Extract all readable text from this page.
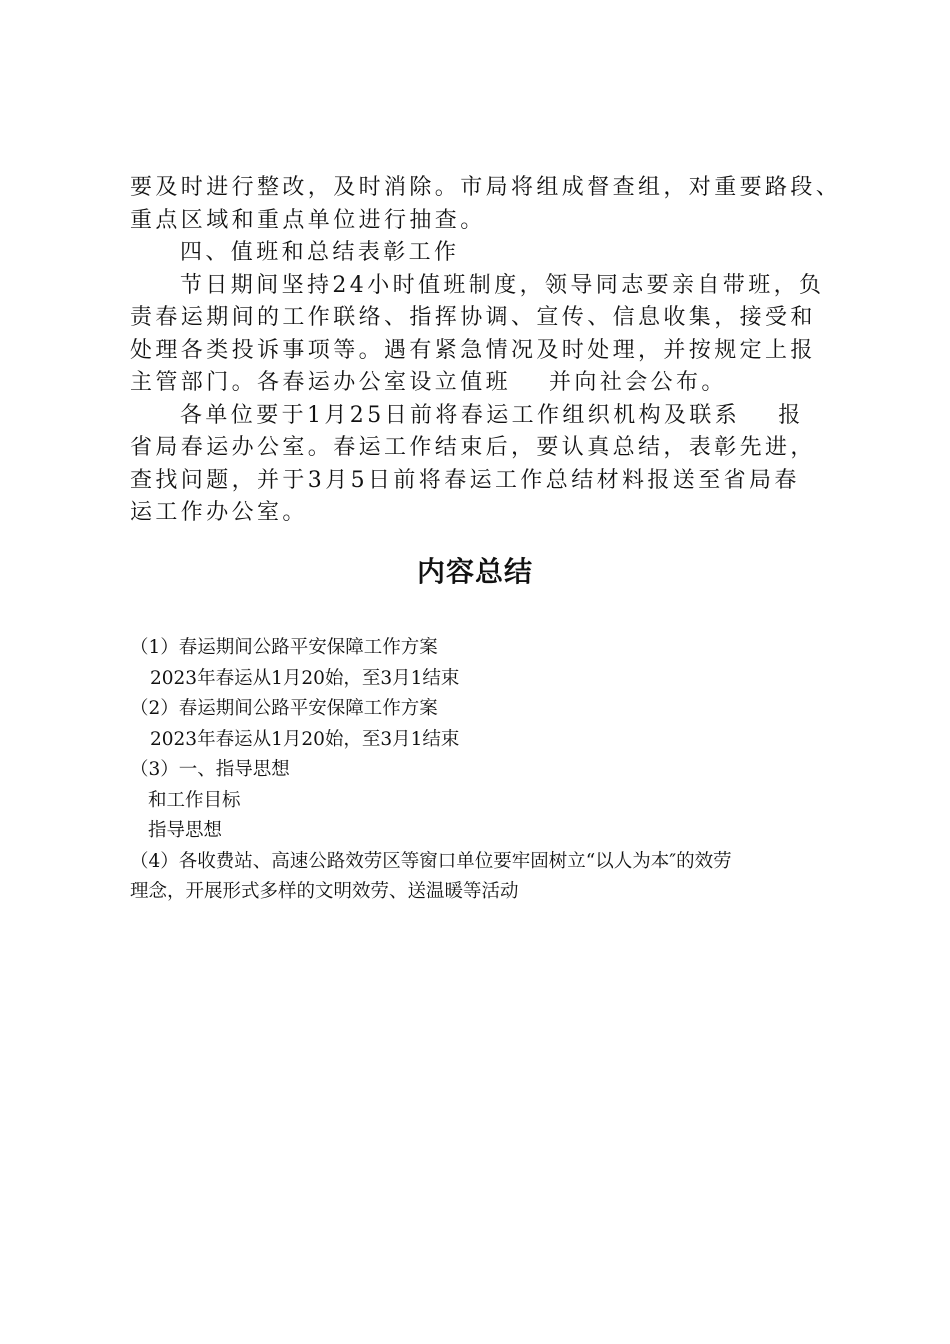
要及时进行整改，及时消除。市局将组成督查组，对重要路段、

重点区域和重点单位进行抽查。

四、值班和总结表彰工作

节日期间坚持24小时值班制度，领导同志要亲自带班，负

责春运期间的工作联络、指挥协调、宣传、信息收集，接受和

处理各类投诉事项等。遇有紧急情况及时处理，并按规定上报

主管部门。各春运办公室设立值班 并向社会公布。

各单位要于1月25日前将春运工作组织机构及联系 报

省局春运办公室。春运工作结束后，要认真总结，表彰先进，

查找问题，并于3月5日前将春运工作总结材料报送至省局春

运工作办公室。

内容总结

（1）春运期间公路平安保障工作方案

2023年春运从1月20始，至3月1结束

（2）春运期间公路平安保障工作方案

2023年春运从1月20始，至3月1结束

（3）一、指导思想

和工作目标

指导思想

（4）各收费站、高速公路效劳区等窗口单位要牢固树立“以人为本″的效劳

理念，开展形式多样的文明效劳、送温暖等活动
